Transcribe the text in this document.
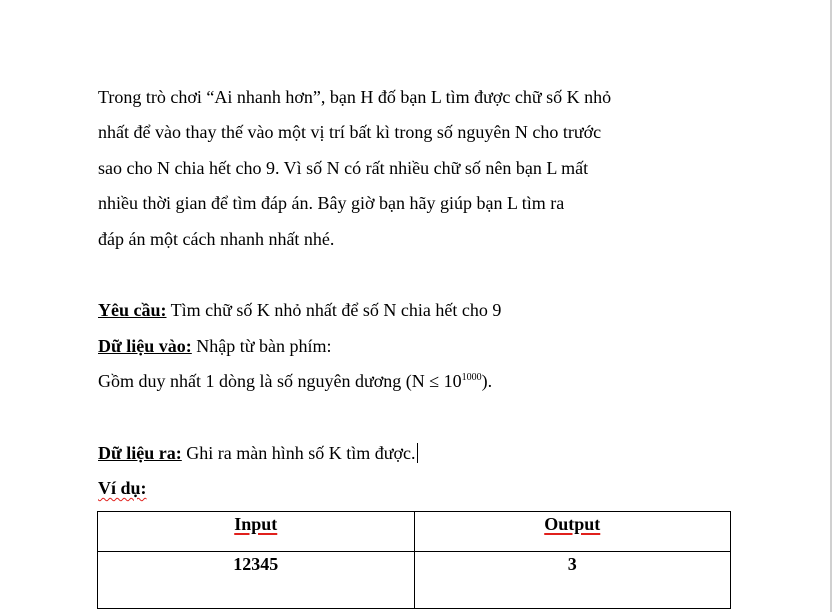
Trong trò chơi “Ai nhanh hơn”, bạn H đố bạn L tìm được chữ số K nhỏ
nhất để vào thay thế vào một vị trí bất kì trong số nguyên N cho trước
sao cho N chia hết cho 9. Vì số N có rất nhiều chữ số nên bạn L mất
nhiều thời gian để tìm đáp án. Bây giờ bạn hãy giúp bạn L tìm ra
đáp án một cách nhanh nhất nhé.
Yêu cầu: Tìm chữ số K nhỏ nhất để số N chia hết cho 9
Dữ liệu vào: Nhập từ bàn phím:
Gồm duy nhất 1 dòng là số nguyên dương $(N \le 10^{1000})$.
Dữ liệu ra: Ghi ra màn hình số K tìm được.
Ví dụ:
Input	Output
12345	3
